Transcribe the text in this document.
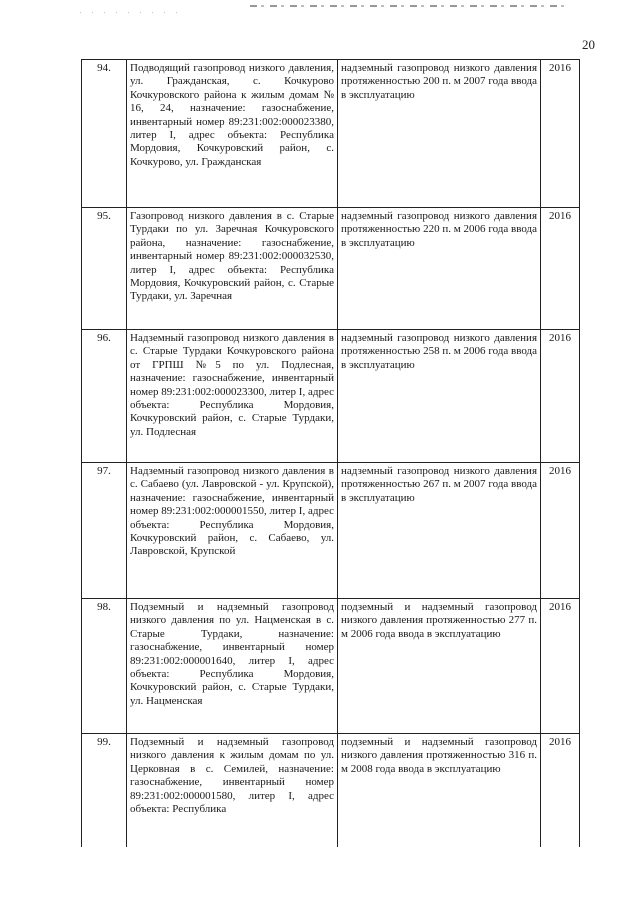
20
94.	Подводящий газопровод низкого давления, ул. Гражданская, с. Кочкурово Кочкуровского района к жилым домам № 16, 24, назначение: газоснабжение, инвентарный номер 89:231:002:000023380, литер I, адрес объекта: Республика Мордовия, Кочкуровский район, с. Кочкурово, ул. Гражданская	надземный газопровод низкого давления протяженностью 200 п. м 2007 года ввода в эксплуатацию	2016
95.	Газопровод низкого давления в с. Старые Турдаки по ул. Заречная Кочкуровского района, назначение: газоснабжение, инвентарный номер 89:231:002:000032530, литер I, адрес объекта: Республика Мордовия, Кочкуровский район, с. Старые Турдаки, ул. Заречная	надземный газопровод низкого давления протяженностью 220 п. м 2006 года ввода в эксплуатацию	2016
96.	Надземный газопровод низкого давления в с. Старые Турдаки Кочкуровского района от ГРПШ №5 по ул. Подлесная, назначение: газоснабжение, инвентарный номер 89:231:002:000023300, литер I, адрес объекта: Республика Мордовия, Кочкуровский район, с. Старые Турдаки, ул. Подлесная	надземный газопровод низкого давления протяженностью 258 п. м 2006 года ввода в эксплуатацию	2016
97.	Надземный газопровод низкого давления в с. Сабаево (ул. Лавровской - ул. Крупской), назначение: газоснабжение, инвентарный номер 89:231:002:000001550, литер I, адрес объекта: Республика Мордовия, Кочкуровский район, с. Сабаево, ул. Лавровской, Крупской	надземный газопровод низкого давления протяженностью 267 п. м 2007 года ввода в эксплуатацию	2016
98.	Подземный и надземный газопровод низкого давления по ул. Нацменская в с. Старые Турдаки, назначение: газоснабжение, инвентарный номер 89:231:002:000001640, литер I, адрес объекта: Республика Мордовия, Кочкуровский район, с. Старые Турдаки, ул. Нацменская	подземный и надземный газопровод низкого давления протяженностью 277 п. м 2006 года ввода в эксплуатацию	2016
99.	Подземный и надземный газопровод низкого давления к жилым домам по ул. Церковная в с. Семилей, назначение: газоснабжение, инвентарный номер 89:231:002:000001580, литер I, адрес объекта: Республика	подземный и надземный газопровод низкого давления протяженностью 316 п. м 2008 года ввода в эксплуатацию	2016
